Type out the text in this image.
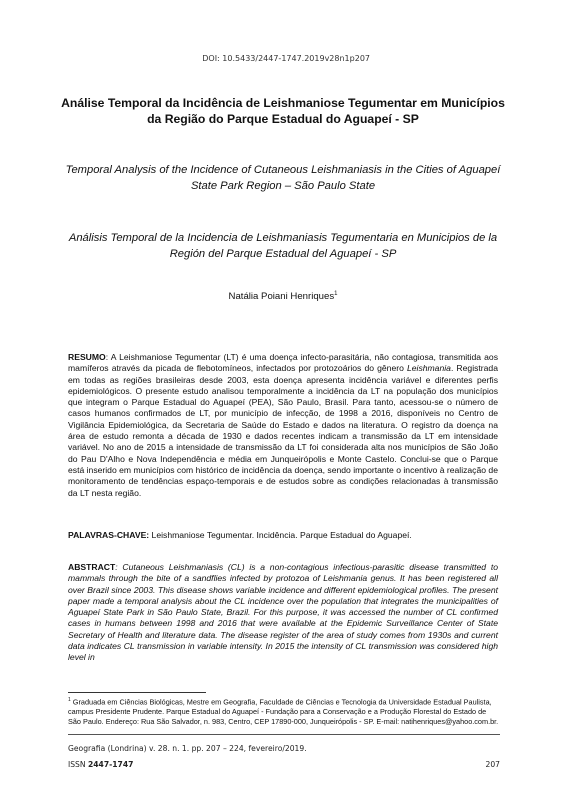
DOI: 10.5433/2447-1747.2019v28n1p207
Análise Temporal da Incidência de Leishmaniose Tegumentar em Municípios da Região do Parque Estadual do Aguapeí - SP
Temporal Analysis of the Incidence of Cutaneous Leishmaniasis in the Cities of Aguapeí State Park Region – São Paulo State
Análisis Temporal de la Incidencia de Leishmaniasis Tegumentaria en Municipios de la Región del Parque Estadual del Aguapeí - SP
Natália Poiani Henriques$^1$
RESUMO: A Leishmaniose Tegumentar (LT) é uma doença infecto-parasitária, não contagiosa, transmitida aos mamíferos através da picada de flebotomíneos, infectados por protozoários do gênero Leishmania. Registrada em todas as regiões brasileiras desde 2003, esta doença apresenta incidência variável e diferentes perfis epidemiológicos. O presente estudo analisou temporalmente a incidência da LT na população dos municípios que integram o Parque Estadual do Aguapeí (PEA), São Paulo, Brasil. Para tanto, acessou-se o número de casos humanos confirmados de LT, por município de infecção, de 1998 a 2016, disponíveis no Centro de Vigilância Epidemiológica, da Secretaria de Saúde do Estado e dados na literatura. O registro da doença na área de estudo remonta a década de 1930 e dados recentes indicam a transmissão da LT em intensidade variável. No ano de 2015 a intensidade de transmissão da LT foi considerada alta nos municípios de São João do Pau D'Alho e Nova Independência e média em Junqueirópolis e Monte Castelo. Conclui-se que o Parque está inserido em municípios com histórico de incidência da doença, sendo importante o incentivo à realização de monitoramento de tendências espaço-temporais e de estudos sobre as condições relacionadas à transmissão da LT nesta região.
PALAVRAS-CHAVE: Leishmaniose Tegumentar. Incidência. Parque Estadual do Aguapeí.
ABSTRACT: Cutaneous Leishmaniasis (CL) is a non-contagious infectious-parasitic disease transmitted to mammals through the bite of a sandflies infected by protozoa of Leishmania genus. It has been registered all over Brazil since 2003. This disease shows variable incidence and different epidemiological profiles. The present paper made a temporal analysis about the CL incidence over the population that integrates the municipalities of Aguapeí State Park in São Paulo State, Brazil. For this purpose, it was accessed the number of CL confirmed cases in humans between 1998 and 2016 that were available at the Epidemic Surveillance Center of State Secretary of Health and literature data. The disease register of the area of study comes from 1930s and current data indicates CL transmission in variable intensity. In 2015 the intensity of CL transmission was considered high level in
$^1$ Graduada em Ciências Biológicas, Mestre em Geografia, Faculdade de Ciências e Tecnologia da Universidade Estadual Paulista, campus Presidente Prudente. Parque Estadual do Aguapeí - Fundação para a Conservação e a Produção Florestal do Estado de São Paulo. Endereço: Rua São Salvador, n. 983, Centro, CEP 17890-000, Junqueirópolis - SP. E-mail: natihenriques@yahoo.com.br.
Geografia (Londrina) v. 28. n. 1. pp. 207 – 224, fevereiro/2019.
ISSN 2447-1747	207
